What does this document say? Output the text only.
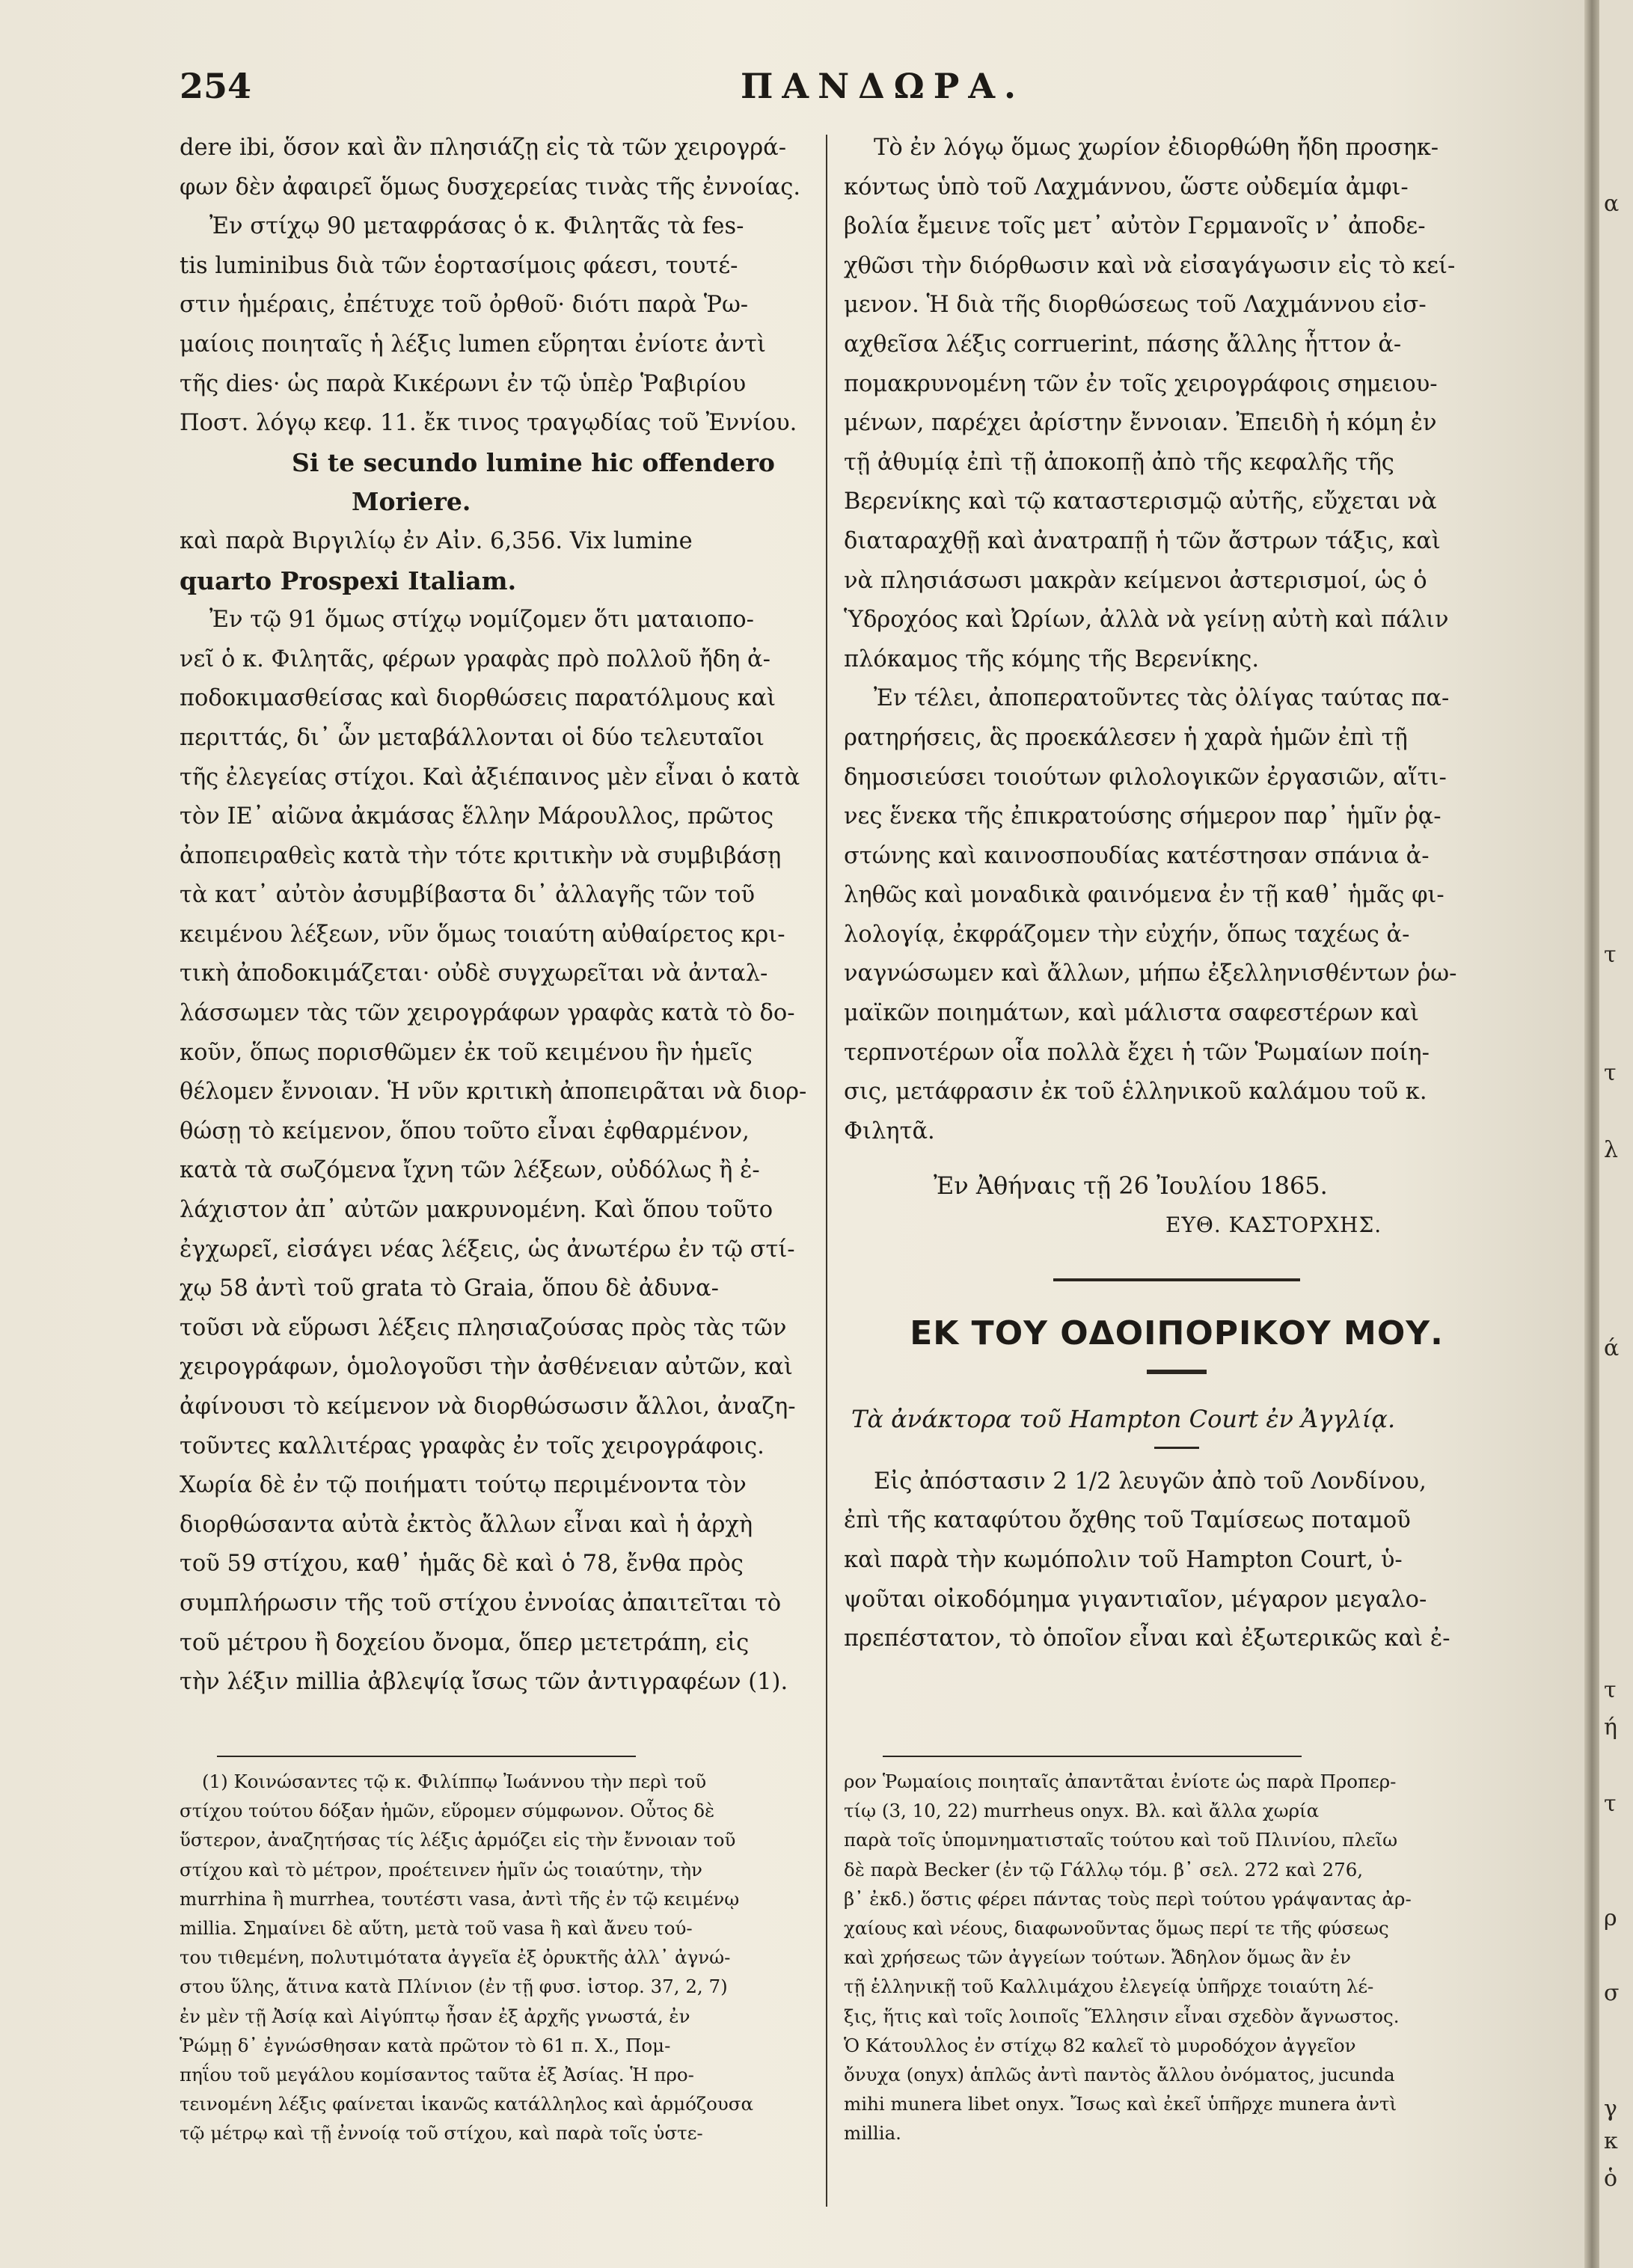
254	ΠΑΝΔΩΡΑ.

dere ibi, ὅσον καὶ ἂν πλησιάζῃ εἰς τὰ τῶν χειρογρά-

φων δὲν ἀφαιρεῖ ὅμως δυσχερείας τινὰς τῆς ἐννοίας.

Ἐν στίχῳ 90 μεταφράσας ὁ κ. Φιλητᾶς τὰ fes-

tis luminibus διὰ τῶν ἑορτασίμοις φάεσι, τουτέ-

στιν ἡμέραις, ἐπέτυχε τοῦ ὀρθοῦ· διότι παρὰ Ῥω-

μαίοις ποιηταῖς ἡ λέξις lumen εὕρηται ἐνίοτε ἀντὶ

τῆς dies· ὡς παρὰ Κικέρωνι ἐν τῷ ὑπὲρ Ῥαβιρίου

Ποστ. λόγῳ κεφ. 11. ἔκ τινος τραγῳδίας τοῦ Ἐννίου.

Si te secundo lumine hic offendero

Moriere.

καὶ παρὰ Βιργιλίῳ ἐν Αἰν. 6,356. Vix lumine

quarto Prospexi Italiam.

Ἐν τῷ 91 ὅμως στίχῳ νομίζομεν ὅτι ματαιοπο-

νεῖ ὁ κ. Φιλητᾶς, φέρων γραφὰς πρὸ πολλοῦ ἤδη ἀ-

ποδοκιμασθείσας καὶ διορθώσεις παρατόλμους καὶ

περιττάς, δι᾽ ὧν μεταβάλλονται οἱ δύο τελευταῖοι

τῆς ἐλεγείας στίχοι. Καὶ ἀξιέπαινος μὲν εἶναι ὁ κατὰ

τὸν ΙΕ᾽ αἰῶνα ἀκμάσας ἕλλην Μάρουλλος, πρῶτος

ἀποπειραθεὶς κατὰ τὴν τότε κριτικὴν νὰ συμβιβάσῃ

τὰ κατ᾽ αὐτὸν ἀσυμβίβαστα δι᾽ ἀλλαγῆς τῶν τοῦ

κειμένου λέξεων, νῦν ὅμως τοιαύτη αὐθαίρετος κρι-

τικὴ ἀποδοκιμάζεται· οὐδὲ συγχωρεῖται νὰ ἀνταλ-

λάσσωμεν τὰς τῶν χειρογράφων γραφὰς κατὰ τὸ δο-

κοῦν, ὅπως πορισθῶμεν ἐκ τοῦ κειμένου ἣν ἡμεῖς

θέλομεν ἔννοιαν. Ἡ νῦν κριτικὴ ἀποπειρᾶται νὰ διορ-

θώσῃ τὸ κείμενον, ὅπου τοῦτο εἶναι ἐφθαρμένον,

κατὰ τὰ σωζόμενα ἴχνη τῶν λέξεων, οὐδόλως ἢ ἐ-

λάχιστον ἀπ᾽ αὐτῶν μακρυνομένη. Καὶ ὅπου τοῦτο

ἐγχωρεῖ, εἰσάγει νέας λέξεις, ὡς ἀνωτέρω ἐν τῷ στί-

χῳ 58 ἀντὶ τοῦ grata τὸ Graia, ὅπου δὲ ἀδυνα-

τοῦσι νὰ εὕρωσι λέξεις πλησιαζούσας πρὸς τὰς τῶν

χειρογράφων, ὁμολογοῦσι τὴν ἀσθένειαν αὐτῶν, καὶ

ἀφίνουσι τὸ κείμενον νὰ διορθώσωσιν ἄλλοι, ἀναζη-

τοῦντες καλλιτέρας γραφὰς ἐν τοῖς χειρογράφοις.

Χωρία δὲ ἐν τῷ ποιήματι τούτῳ περιμένοντα τὸν

διορθώσαντα αὐτὰ ἐκτὸς ἄλλων εἶναι καὶ ἡ ἀρχὴ

τοῦ 59 στίχου, καθ᾽ ἡμᾶς δὲ καὶ ὁ 78, ἔνθα πρὸς

συμπλήρωσιν τῆς τοῦ στίχου ἐννοίας ἀπαιτεῖται τὸ

τοῦ μέτρου ἢ δοχείου ὄνομα, ὅπερ μετετράπη, εἰς

τὴν λέξιν millia ἀβλεψίᾳ ἴσως τῶν ἀντιγραφέων (1).

Τὸ ἐν λόγῳ ὅμως χωρίον ἐδιορθώθη ἤδη προσηκ-

κόντως ὑπὸ τοῦ Λαχμάννου, ὥστε οὐδεμία ἀμφι-

βολία ἔμεινε τοῖς μετ᾽ αὐτὸν Γερμανοῖς ν᾽ ἀποδε-

χθῶσι τὴν διόρθωσιν καὶ νὰ εἰσαγάγωσιν εἰς τὸ κεί-

μενον. Ἡ διὰ τῆς διορθώσεως τοῦ Λαχμάννου εἰσ-

αχθεῖσα λέξις corruerint, πάσης ἄλλης ἧττον ἀ-

πομακρυνομένη τῶν ἐν τοῖς χειρογράφοις σημειου-

μένων, παρέχει ἀρίστην ἔννοιαν. Ἐπειδὴ ἡ κόμη ἐν

τῇ ἀθυμίᾳ ἐπὶ τῇ ἀποκοπῇ ἀπὸ τῆς κεφαλῆς τῆς

Βερενίκης καὶ τῷ καταστερισμῷ αὐτῆς, εὔχεται νὰ

διαταραχθῇ καὶ ἀνατραπῇ ἡ τῶν ἄστρων τάξις, καὶ

νὰ πλησιάσωσι μακρὰν κείμενοι ἀστερισμοί, ὡς ὁ

Ὑδροχόος καὶ Ὠρίων, ἀλλὰ νὰ γείνῃ αὐτὴ καὶ πάλιν

πλόκαμος τῆς κόμης τῆς Βερενίκης.

Ἐν τέλει, ἀποπερατοῦντες τὰς ὀλίγας ταύτας πα-

ρατηρήσεις, ἃς προεκάλεσεν ἡ χαρὰ ἡμῶν ἐπὶ τῇ

δημοσιεύσει τοιούτων φιλολογικῶν ἐργασιῶν, αἵτι-

νες ἕνεκα τῆς ἐπικρατούσης σήμερον παρ᾽ ἡμῖν ῥᾳ-

στώνης καὶ καινοσπουδίας κατέστησαν σπάνια ἀ-

ληθῶς καὶ μοναδικὰ φαινόμενα ἐν τῇ καθ᾽ ἡμᾶς φι-

λολογίᾳ, ἐκφράζομεν τὴν εὐχήν, ὅπως ταχέως ἀ-

ναγνώσωμεν καὶ ἄλλων, μήπω ἐξελληνισθέντων ῥω-

μαϊκῶν ποιημάτων, καὶ μάλιστα σαφεστέρων καὶ

τερπνοτέρων οἷα πολλὰ ἔχει ἡ τῶν Ῥωμαίων ποίη-

σις, μετάφρασιν ἐκ τοῦ ἑλληνικοῦ καλάμου τοῦ κ.

Φιλητᾶ.

Ἐν Ἀθήναις τῇ 26 Ἰουλίου 1865.

ΕΥΘ. ΚΑΣΤΟΡΧΗΣ.

ΕΚ ΤΟΥ ΟΔΟΙΠΟΡΙΚΟΥ ΜΟΥ.

Τὰ ἀνάκτορα τοῦ Hampton Court ἐν Ἀγγλίᾳ.

Εἰς ἀπόστασιν 2 1/2 λευγῶν ἀπὸ τοῦ Λονδίνου,

ἐπὶ τῆς καταφύτου ὄχθης τοῦ Ταμίσεως ποταμοῦ

καὶ παρὰ τὴν κωμόπολιν τοῦ Hampton Court, ὑ-

ψοῦται οἰκοδόμημα γιγαντιαῖον, μέγαρον μεγαλο-

πρεπέστατον, τὸ ὁποῖον εἶναι καὶ ἐξωτερικῶς καὶ ἐ-

(1) Κοινώσαντες τῷ κ. Φιλίππῳ Ἰωάννου τὴν περὶ τοῦ

στίχου τούτου δόξαν ἡμῶν, εὕρομεν σύμφωνον. Οὗτος δὲ

ὕστερον, ἀναζητήσας τίς λέξις ἁρμόζει εἰς τὴν ἔννοιαν τοῦ

στίχου καὶ τὸ μέτρον, προέτεινεν ἡμῖν ὡς τοιαύτην, τὴν

murrhina ἢ murrhea, τουτέστι vasa, ἀντὶ τῆς ἐν τῷ κειμένῳ

millia. Σημαίνει δὲ αὕτη, μετὰ τοῦ vasa ἢ καὶ ἄνευ τού-

του τιθεμένη, πολυτιμότατα ἀγγεῖα ἐξ ὀρυκτῆς ἀλλ᾽ ἀγνώ-

στου ὕλης, ἅτινα κατὰ Πλίνιον (ἐν τῇ φυσ. ἱστορ. 37, 2, 7)

ἐν μὲν τῇ Ἀσίᾳ καὶ Αἰγύπτῳ ἦσαν ἐξ ἀρχῆς γνωστά, ἐν

Ῥώμῃ δ᾽ ἐγνώσθησαν κατὰ πρῶτον τὸ 61 π. Χ., Πομ-

πηΐου τοῦ μεγάλου κομίσαντος ταῦτα ἐξ Ἀσίας. Ἡ προ-

τεινομένη λέξις φαίνεται ἱκανῶς κατάλληλος καὶ ἁρμόζουσα

τῷ μέτρῳ καὶ τῇ ἐννοίᾳ τοῦ στίχου, καὶ παρὰ τοῖς ὑστε-

ρον Ῥωμαίοις ποιηταῖς ἀπαντᾶται ἐνίοτε ὡς παρὰ Προπερ-

τίῳ (3, 10, 22) murrheus onyx. Βλ. καὶ ἄλλα χωρία

παρὰ τοῖς ὑπομνηματισταῖς τούτου καὶ τοῦ Πλινίου, πλεῖω

δὲ παρὰ Becker (ἐν τῷ Γάλλῳ τόμ. β᾽ σελ. 272 καὶ 276,

β᾽ ἐκδ.) ὅστις φέρει πάντας τοὺς περὶ τούτου γράψαντας ἀρ-

χαίους καὶ νέους, διαφωνοῦντας ὅμως περί τε τῆς φύσεως

καὶ χρήσεως τῶν ἀγγείων τούτων. Ἄδηλον ὅμως ἂν ἐν

τῇ ἑλληνικῇ τοῦ Καλλιμάχου ἐλεγείᾳ ὑπῆρχε τοιαύτη λέ-

ξις, ἥτις καὶ τοῖς λοιποῖς Ἕλλησιν εἶναι σχεδὸν ἄγνωστος.

Ὁ Κάτουλλος ἐν στίχῳ 82 καλεῖ τὸ μυροδόχον ἀγγεῖον

ὄνυχα (onyx) ἁπλῶς ἀντὶ παντὸς ἄλλου ὀνόματος, jucunda

mihi munera libet onyx. Ἴσως καὶ ἐκεῖ ὑπῆρχε munera ἀντὶ

millia.

α
τ
τ
λ
ά
τ
ή
τ
ρ
σ
γ
κ
ὁ
